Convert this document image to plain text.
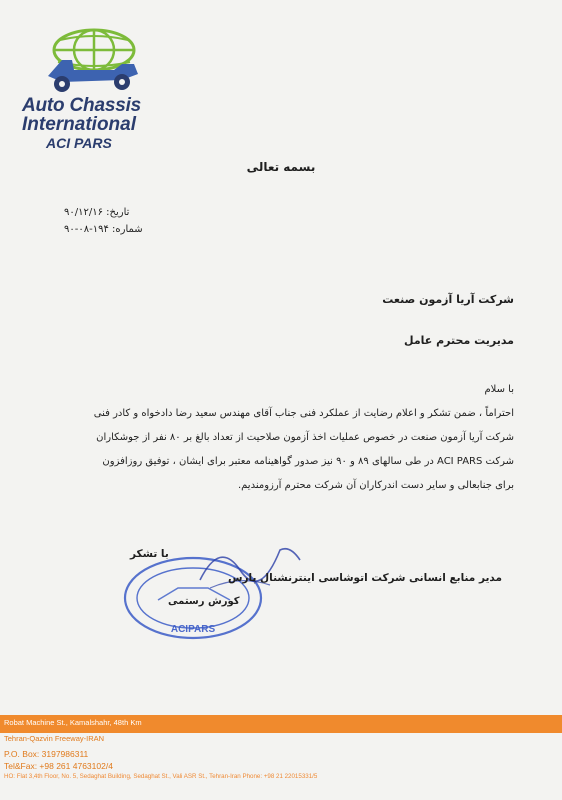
Auto Chassis
International
ACI PARS
بسمه تعالی
تاریخ: ۹۰/۱۲/۱۶
شماره: ۱۹۴-۰۸-۹۰
شرکت آریا آزمون صنعت
مدیریت محترم عامل
با سلام
احتراماً ، ضمن تشکر و اعلام رضایت از عملکرد فنی جناب آقای مهندس سعید رضا دادخواه و کادر فنی
شرکت آریا آزمون صنعت در خصوص عملیات اخذ آزمون صلاحیت از تعداد بالغ بر ۸۰ نفر از جوشکاران
شرکت ACI PARS در طی سالهای ۸۹ و ۹۰ نیز صدور گواهینامه معتبر برای ایشان ، توفیق روزافزون
برای جنابعالی و سایر دست اندرکاران آن شرکت محترم آرزومندیم.
ACIPARS
با تشکر
مدیر منابع انسانی شرکت اتوشاسی اینترنشنال پارس
کورش رستمی
Robat Machine St., Kamalshahr, 48th Km
Tehran-Qazvin Freeway-IRAN
P.O. Box: 3197986311
Tel&Fax: +98 261 4763102/4
HO: Flat 3,4th Floor, No. 5, Sedaghat Building, Sedaghat St., Vali ASR St., Tehran-Iran Phone: +98 21 22015331/5
